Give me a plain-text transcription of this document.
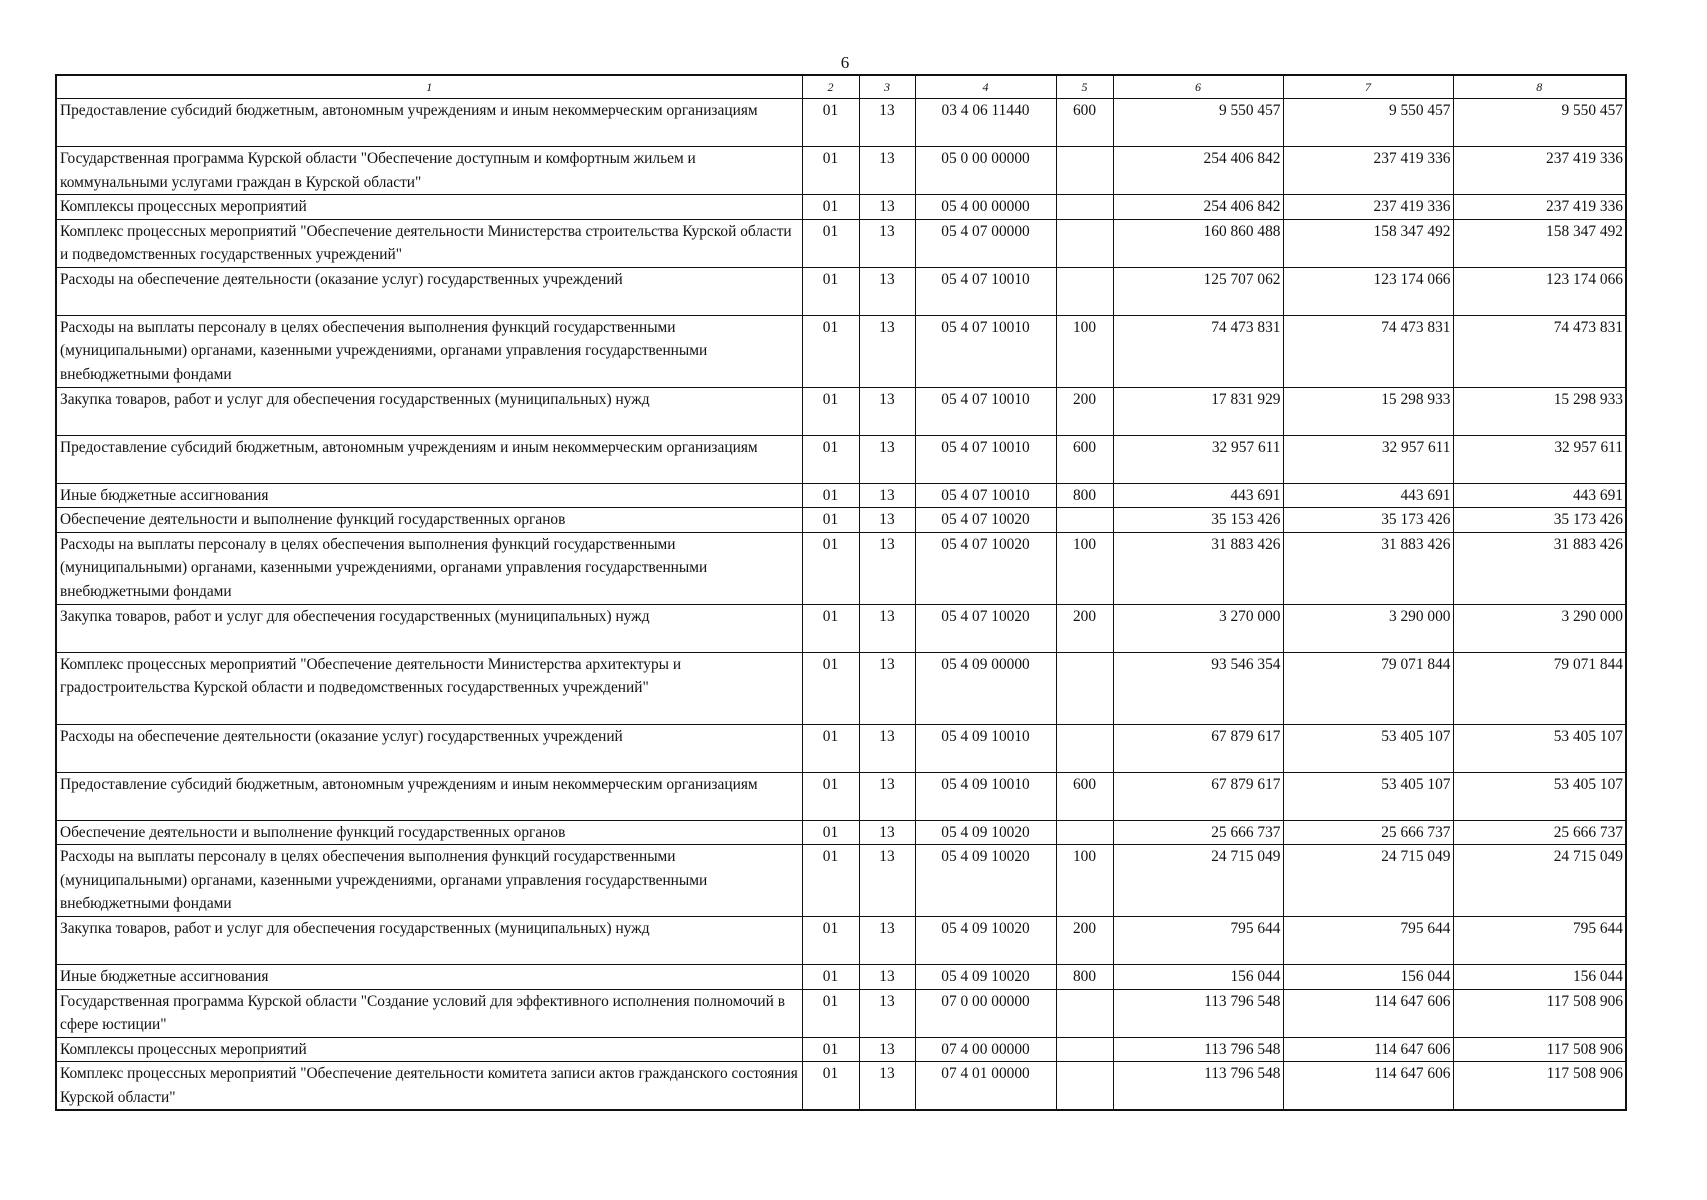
6
1	2	3	4	5	6	7	8
Предоставление субсидий бюджетным, автономным учреждениям и иным некоммерческим организациям	01	13	03 4 06 11440	600	9 550 457	9 550 457	9 550 457
Государственная программа Курской области "Обеспечение доступным и комфортным жильем и коммунальными услугами граждан в Курской области"	01	13	05 0 00 00000		254 406 842	237 419 336	237 419 336
Комплексы процессных мероприятий	01	13	05 4 00 00000		254 406 842	237 419 336	237 419 336
Комплекс процессных мероприятий "Обеспечение деятельности Министерства строительства Курской области и подведомственных государственных учреждений"	01	13	05 4 07 00000		160 860 488	158 347 492	158 347 492
Расходы на обеспечение деятельности (оказание услуг) государственных учреждений	01	13	05 4 07 10010		125 707 062	123 174 066	123 174 066
Расходы на выплаты персоналу в целях обеспечения выполнения функций государственными (муниципальными) органами, казенными учреждениями, органами управления государственными внебюджетными фондами	01	13	05 4 07 10010	100	74 473 831	74 473 831	74 473 831
Закупка товаров, работ и услуг для обеспечения государственных (муниципальных) нужд	01	13	05 4 07 10010	200	17 831 929	15 298 933	15 298 933
Предоставление субсидий бюджетным, автономным учреждениям и иным некоммерческим организациям	01	13	05 4 07 10010	600	32 957 611	32 957 611	32 957 611
Иные бюджетные ассигнования	01	13	05 4 07 10010	800	443 691	443 691	443 691
Обеспечение деятельности и выполнение функций государственных органов	01	13	05 4 07 10020		35 153 426	35 173 426	35 173 426
Расходы на выплаты персоналу в целях обеспечения выполнения функций государственными (муниципальными) органами, казенными учреждениями, органами управления государственными внебюджетными фондами	01	13	05 4 07 10020	100	31 883 426	31 883 426	31 883 426
Закупка товаров, работ и услуг для обеспечения государственных (муниципальных) нужд	01	13	05 4 07 10020	200	3 270 000	3 290 000	3 290 000
Комплекс процессных мероприятий "Обеспечение деятельности Министерства архитектуры и градостроительства Курской области и подведомственных государственных учреждений"	01	13	05 4 09 00000		93 546 354	79 071 844	79 071 844
Расходы на обеспечение деятельности (оказание услуг) государственных учреждений	01	13	05 4 09 10010		67 879 617	53 405 107	53 405 107
Предоставление субсидий бюджетным, автономным учреждениям и иным некоммерческим организациям	01	13	05 4 09 10010	600	67 879 617	53 405 107	53 405 107
Обеспечение деятельности и выполнение функций государственных органов	01	13	05 4 09 10020		25 666 737	25 666 737	25 666 737
Расходы на выплаты персоналу в целях обеспечения выполнения функций государственными (муниципальными) органами, казенными учреждениями, органами управления государственными внебюджетными фондами	01	13	05 4 09 10020	100	24 715 049	24 715 049	24 715 049
Закупка товаров, работ и услуг для обеспечения государственных (муниципальных) нужд	01	13	05 4 09 10020	200	795 644	795 644	795 644
Иные бюджетные ассигнования	01	13	05 4 09 10020	800	156 044	156 044	156 044
Государственная программа Курской области "Создание условий для эффективного исполнения полномочий в сфере юстиции"	01	13	07 0 00 00000		113 796 548	114 647 606	117 508 906
Комплексы процессных мероприятий	01	13	07 4 00 00000		113 796 548	114 647 606	117 508 906
Комплекс процессных мероприятий "Обеспечение деятельности комитета записи актов гражданского состояния Курской области"	01	13	07 4 01 00000		113 796 548	114 647 606	117 508 906
